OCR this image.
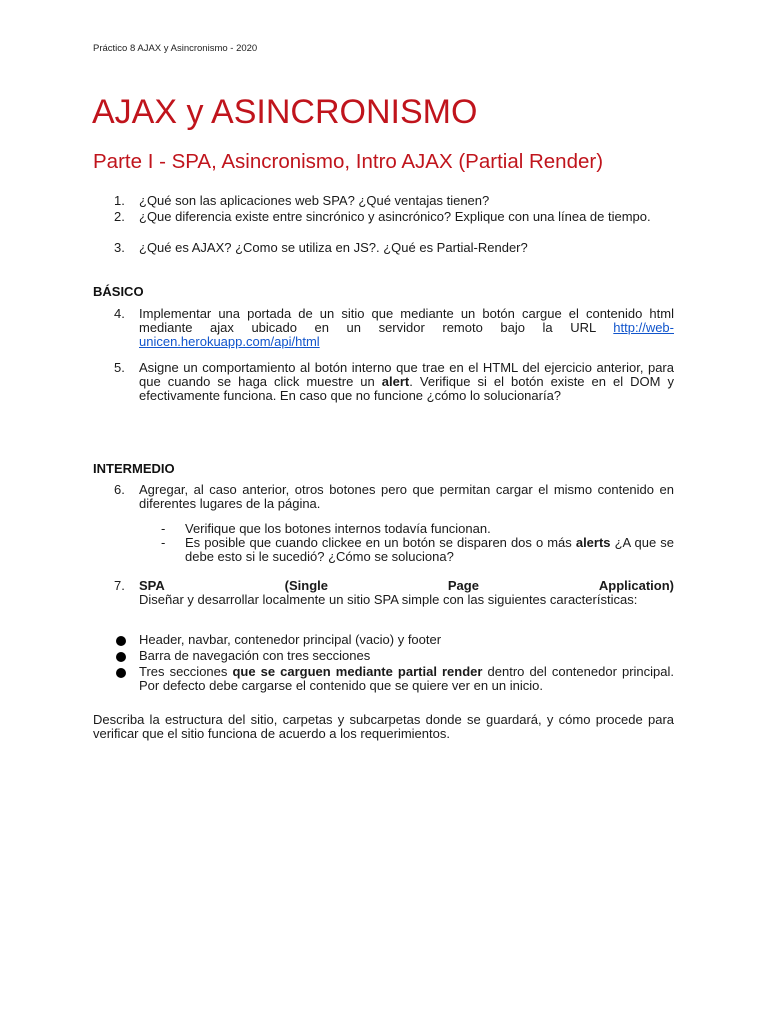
Práctico 8 AJAX y Asincronismo - 2020
AJAX y ASINCRONISMO
Parte I - SPA, Asincronismo, Intro AJAX (Partial Render)
1.	¿Qué son las aplicaciones web SPA? ¿Qué ventajas tienen?
2.	¿Que diferencia existe entre sincrónico y asincrónico? Explique con una línea de tiempo.
3.	¿Qué es AJAX? ¿Como se utiliza en JS?. ¿Qué es Partial-Render?
BÁSICO
4.	Implementar una portada de un sitio que mediante un botón cargue el contenido html mediante ajax ubicado en un servidor remoto bajo la URL http://web-unicen.herokuapp.com/api/html
5.	Asigne un comportamiento al botón interno que trae en el HTML del ejercicio anterior, para que cuando se haga click muestre un alert. Verifique si el botón existe en el DOM y efectivamente funciona. En caso que no funcione ¿cómo lo solucionaría?
INTERMEDIO
6.	Agregar, al caso anterior, otros botones pero que permitan cargar el mismo contenido en diferentes lugares de la página.
- Verifique que los botones internos todavía funcionan.
- Es posible que cuando clickee en un botón se disparen dos o más alerts ¿A que se debe esto si le sucedió? ¿Cómo se soluciona?
7.	SPA	(Single	Page	Application)
Diseñar y desarrollar localmente un sitio SPA simple con las siguientes características:
Header, navbar, contenedor principal (vacio) y footer
Barra de navegación con tres secciones
Tres secciones que se carguen mediante partial render dentro del contenedor principal. Por defecto debe cargarse el contenido que se quiere ver en un inicio.
Describa la estructura del sitio, carpetas y subcarpetas donde se guardará, y cómo procede para verificar que el sitio funciona de acuerdo a los requerimientos.
